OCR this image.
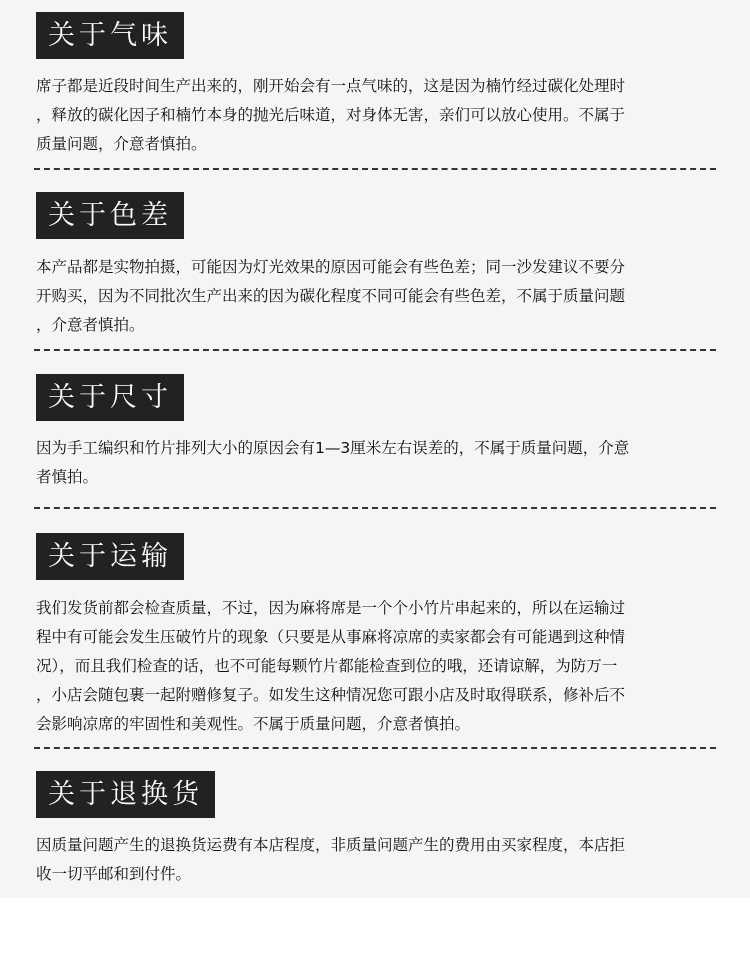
关于气味
席子都是近段时间生产出来的，刚开始会有一点气味的，这是因为楠竹经过碳化处理时
，释放的碳化因子和楠竹本身的抛光后味道，对身体无害，亲们可以放心使用。不属于
质量问题，介意者慎拍。
关于色差
本产品都是实物拍摄，可能因为灯光效果的原因可能会有些色差；同一沙发建议不要分
开购买，因为不同批次生产出来的因为碳化程度不同可能会有些色差，不属于质量问题
，介意者慎拍。
关于尺寸
因为手工编织和竹片排列大小的原因会有1—3厘米左右误差的，不属于质量问题，介意
者慎拍。
关于运输
我们发货前都会检查质量，不过，因为麻将席是一个个小竹片串起来的，所以在运输过
程中有可能会发生压破竹片的现象（只要是从事麻将凉席的卖家都会有可能遇到这种情
况），而且我们检查的话，也不可能每颗竹片都能检查到位的哦，还请谅解，为防万一
，小店会随包裹一起附赠修复子。如发生这种情况您可跟小店及时取得联系，修补后不
会影响凉席的牢固性和美观性。不属于质量问题，介意者慎拍。
关于退换货
因质量问题产生的退换货运费有本店程度，非质量问题产生的费用由买家程度，本店拒
收一切平邮和到付件。
